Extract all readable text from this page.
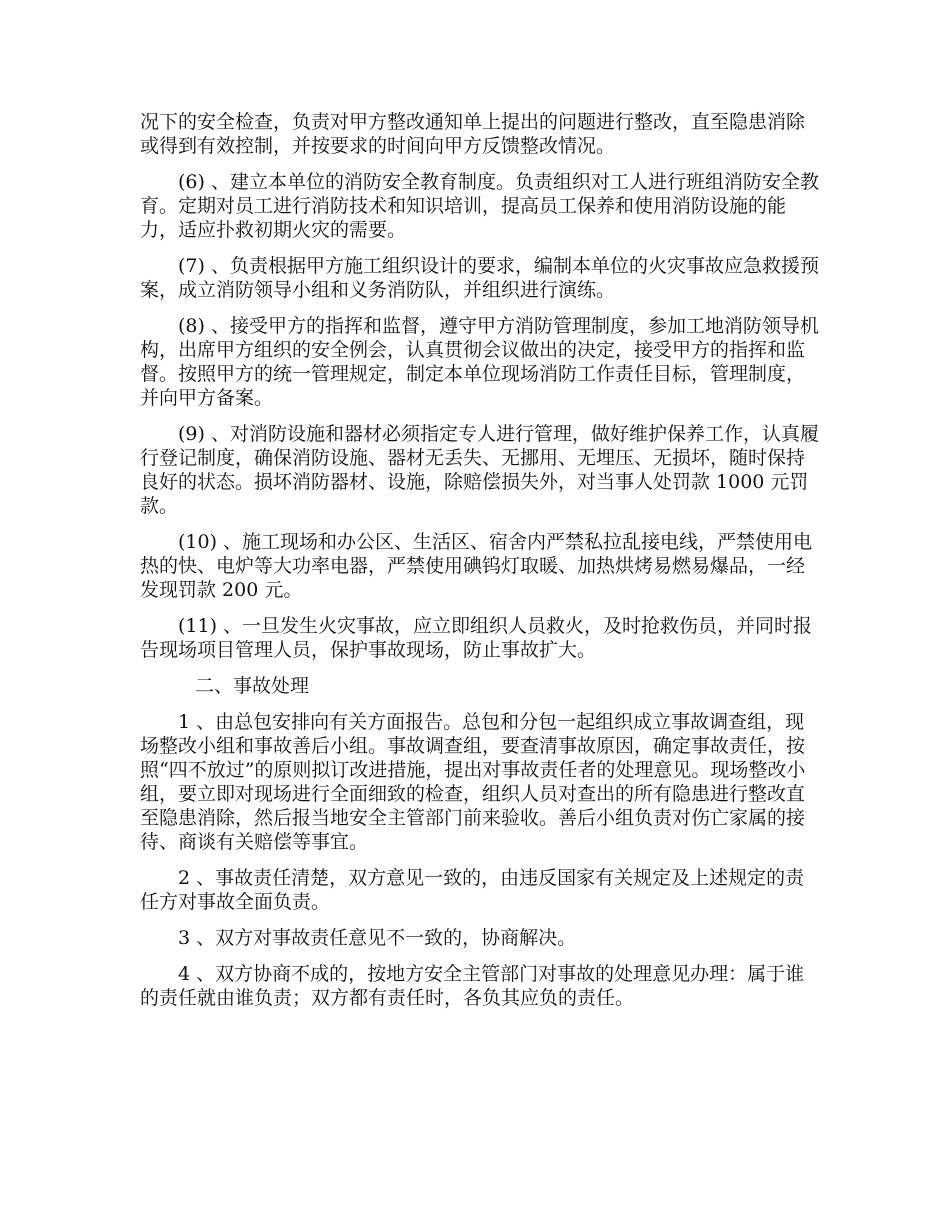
况下的安全检查，负责对甲方整改通知单上提出的问题进行整改，直至隐患消除或得到有效控制，并按要求的时间向甲方反馈整改情况。

(6) 、建立本单位的消防安全教育制度。负责组织对工人进行班组消防安全教育。定期对员工进行消防技术和知识培训，提高员工保养和使用消防设施的能力，适应扑救初期火灾的需要。

(7) 、负责根据甲方施工组织设计的要求，编制本单位的火灾事故应急救援预案，成立消防领导小组和义务消防队，并组织进行演练。

(8) 、接受甲方的指挥和监督，遵守甲方消防管理制度，参加工地消防领导机构，出席甲方组织的安全例会，认真贯彻会议做出的决定，接受甲方的指挥和监督。按照甲方的统一管理规定，制定本单位现场消防工作责任目标，管理制度，并向甲方备案。

(9) 、对消防设施和器材必须指定专人进行管理，做好维护保养工作，认真履行登记制度，确保消防设施、器材无丢失、无挪用、无埋压、无损坏，随时保持良好的状态。损坏消防器材、设施，除赔偿损失外，对当事人处罚款 1000 元罚款。

(10) 、施工现场和办公区、生活区、宿舍内严禁私拉乱接电线，严禁使用电热的快、电炉等大功率电器，严禁使用碘钨灯取暖、加热烘烤易燃易爆品，一经发现罚款 200 元。

(11) 、一旦发生火灾事故，应立即组织人员救火，及时抢救伤员，并同时报告现场项目管理人员，保护事故现场，防止事故扩大。

二、事故处理

1 、由总包安排向有关方面报告。总包和分包一起组织成立事故调查组，现场整改小组和事故善后小组。事故调查组，要查清事故原因，确定事故责任，按照“四不放过”的原则拟订改进措施，提出对事故责任者的处理意见。现场整改小组，要立即对现场进行全面细致的检查，组织人员对查出的所有隐患进行整改直至隐患消除，然后报当地安全主管部门前来验收。善后小组负责对伤亡家属的接待、商谈有关赔偿等事宜。

2 、事故责任清楚，双方意见一致的，由违反国家有关规定及上述规定的责任方对事故全面负责。

3 、双方对事故责任意见不一致的，协商解决。

4 、双方协商不成的，按地方安全主管部门对事故的处理意见办理：属于谁的责任就由谁负责；双方都有责任时，各负其应负的责任。
